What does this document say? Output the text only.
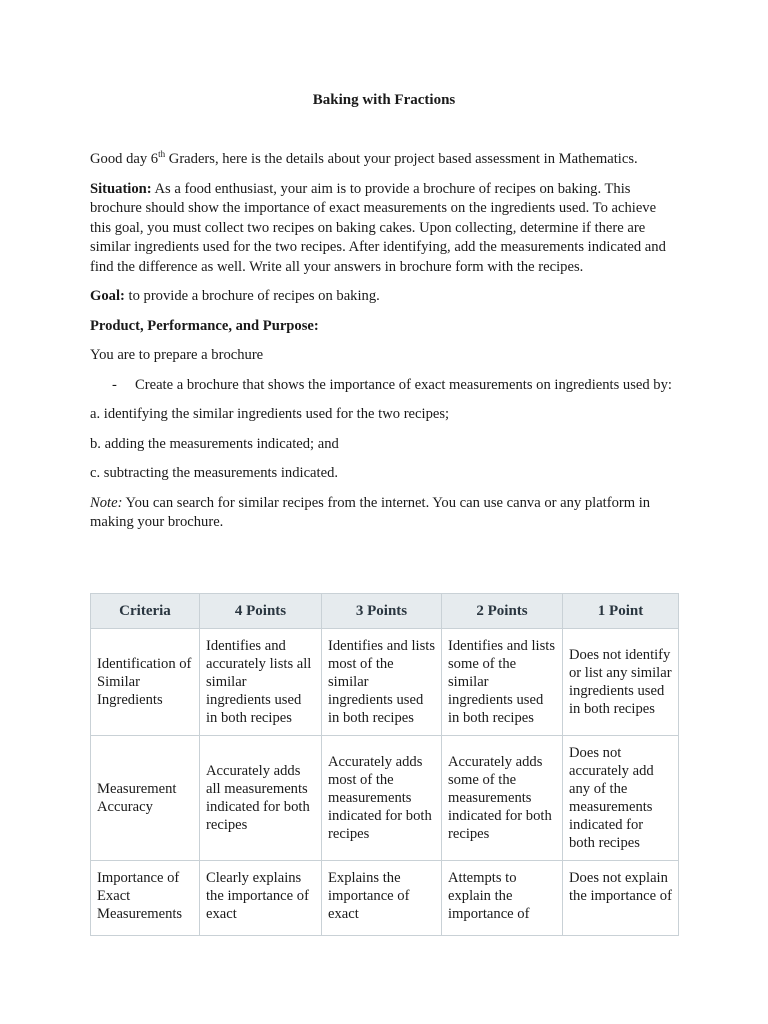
Baking with Fractions

Good day 6th Graders, here is the details about your project based assessment in Mathematics.

Situation: As a food enthusiast, your aim is to provide a brochure of recipes on baking. This brochure should show the importance of exact measurements on the ingredients used. To achieve this goal, you must collect two recipes on baking cakes. Upon collecting, determine if there are similar ingredients used for the two recipes. After identifying, add the measurements indicated and find the difference as well. Write all your answers in brochure form with the recipes.

Goal: to provide a brochure of recipes on baking.

Product, Performance, and Purpose:

You are to prepare a brochure

-	Create a brochure that shows the importance of exact measurements on ingredients used by:

a. identifying the similar ingredients used for the two recipes;

b. adding the measurements indicated; and

c. subtracting the measurements indicated.

Note: You can search for similar recipes from the internet. You can use canva or any platform in making your brochure.

Criteria	4 Points	3 Points	2 Points	1 Point
Identification of Similar Ingredients	Identifies and accurately lists all similar ingredients used in both recipes	Identifies and lists most of the similar ingredients used in both recipes	Identifies and lists some of the similar ingredients used in both recipes	Does not identify or list any similar ingredients used in both recipes
Measurement Accuracy	Accurately adds all measurements indicated for both recipes	Accurately adds most of the measurements indicated for both recipes	Accurately adds some of the measurements indicated for both recipes	Does not accurately add any of the measurements indicated for both recipes
Importance of Exact Measurements	Clearly explains the importance of exact	Explains the importance of exact	Attempts to explain the importance of	Does not explain the importance of
